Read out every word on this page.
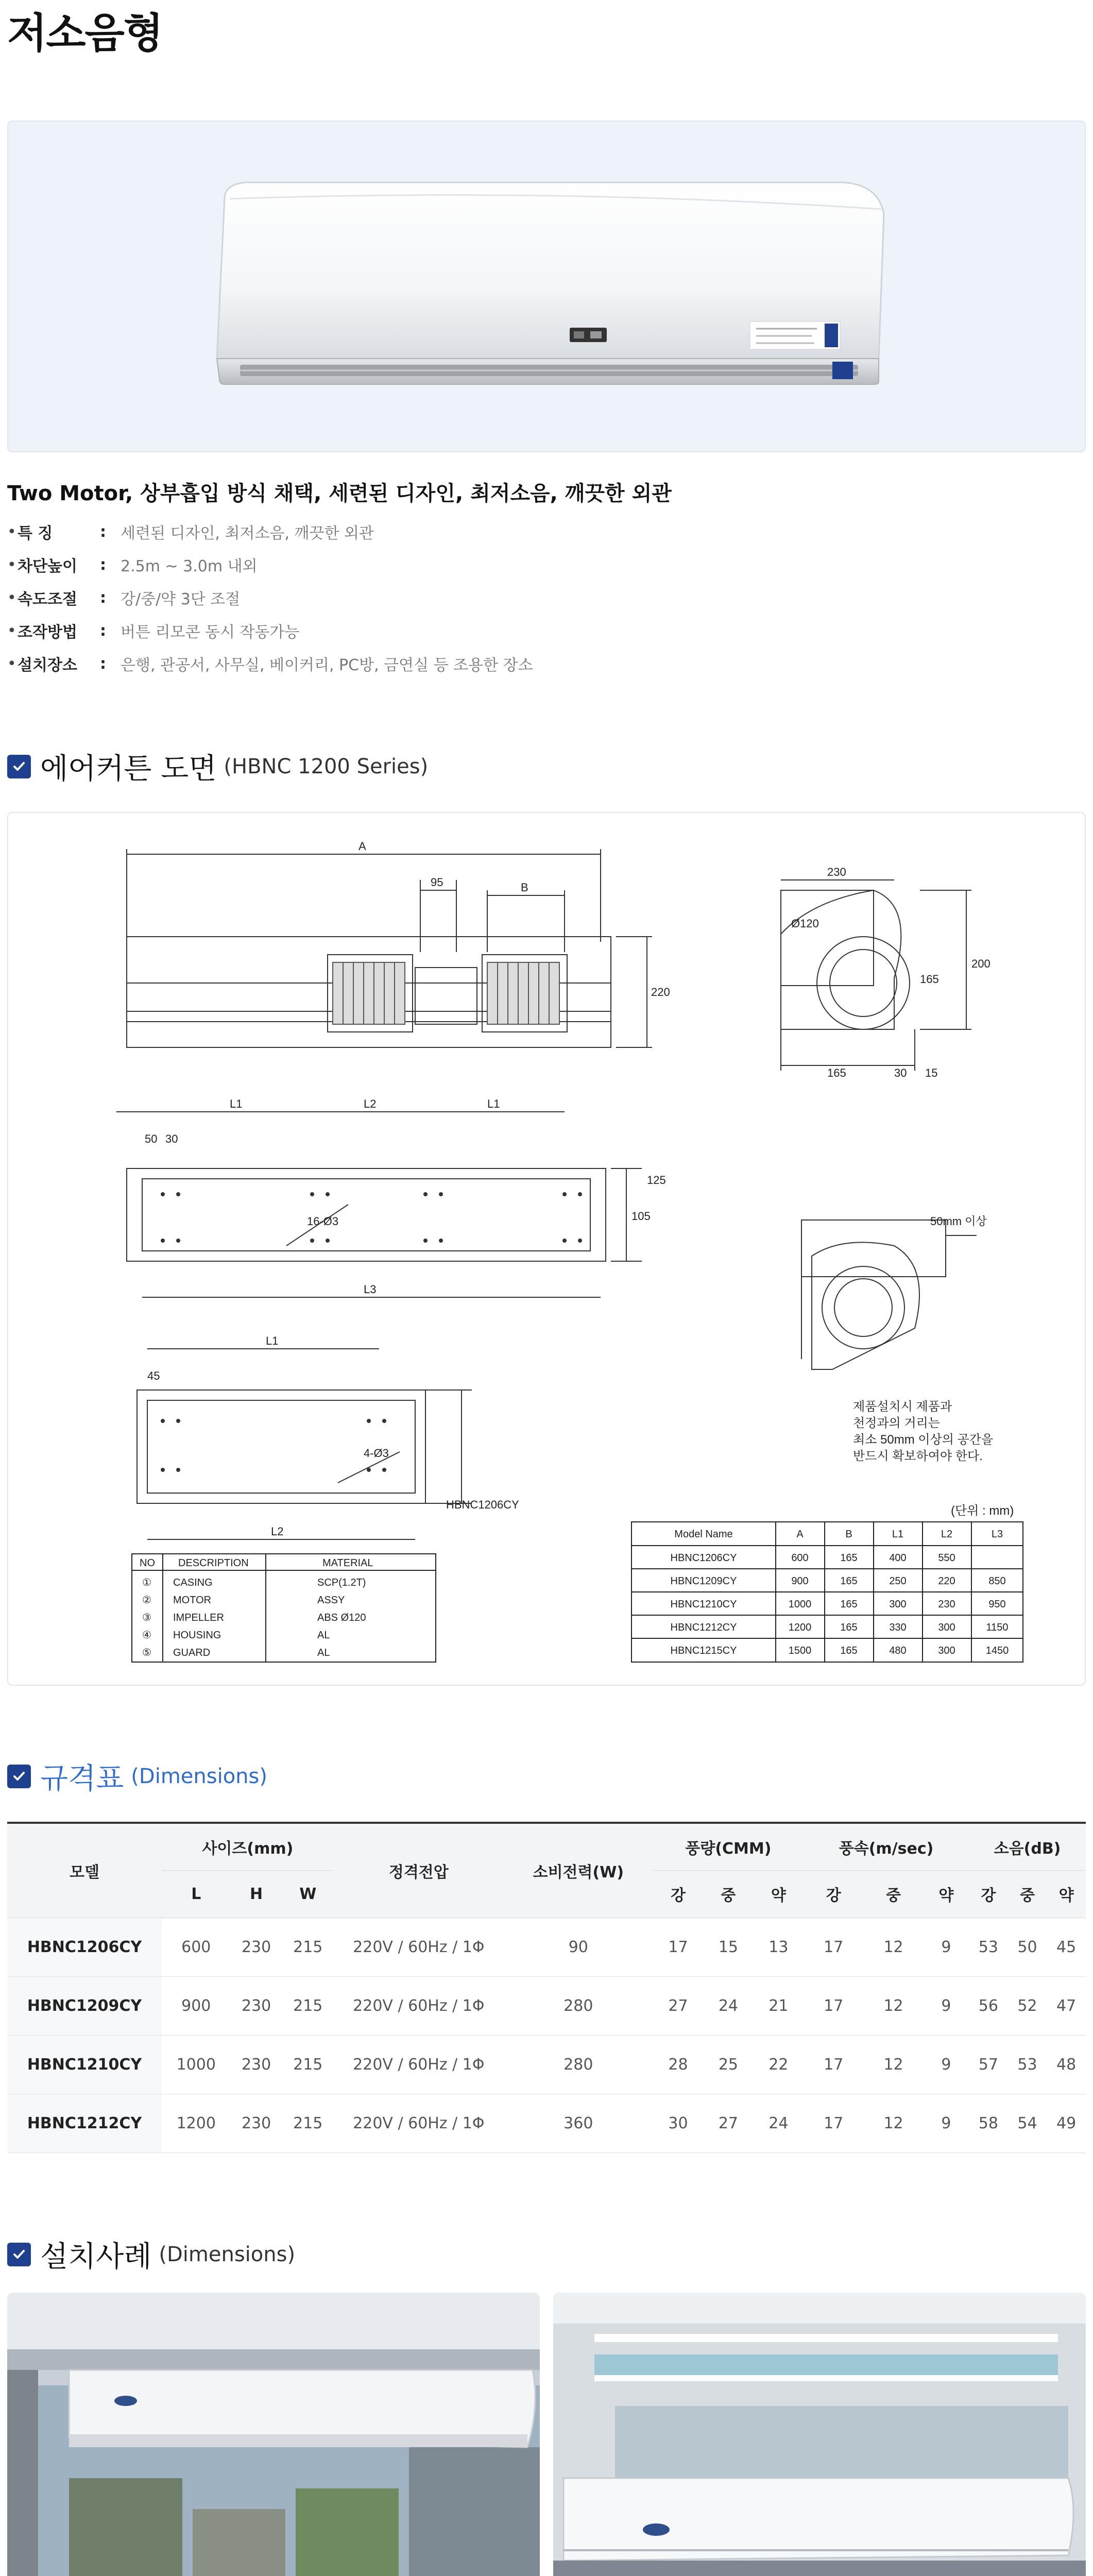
저소음형
Two Motor, 상부흡입 방식 채택, 세련된 디자인, 최저소음, 깨끗한 외관
• 특 징	: 세련된 디자인, 최저소음, 깨끗한 외관
• 차단높이	: 2.5m ~ 3.0m 내외
• 속도조절	: 강/중/약 3단 조절
• 조작방법	: 버튼 리모콘 동시 작동가능
• 설치장소	: 은행, 관공서, 사무실, 베이커리, PC방, 금연실 등 조용한 장소
에어커튼 도면 (HBNC 1200 Series)
A
95	B
220
230
Ø120
200
165
165	30 15
L1	L2	L1
50 30
125
105
16-Ø3
L3
50mm 이상
45
L1
L2
4-Ø3
HBNC1206CY
제품설치시 제품과
천정과의 거리는
최소 50mm 이상의 공간을
반드시 확보하여야 한다.
(단위 : mm)
NO DESCRIPTION	MATERIAL
① CASING	SCP(1.2T)
② MOTOR	ASSY
③ IMPELLER	ABS Ø120
④ HOUSING	AL
⑤ GUARD	AL
Model Name	A	B	L1	L2	L3
HBNC1206CY	600	165	400	550
HBNC1209CY	900	165	250	220	850
HBNC1210CY	1000	165	300	230	950
HBNC1212CY	1200	165	330	300	1150
HBNC1215CY	1500	165	480	300	1450
규격표 (Dimensions)
모델	사이즈(mm)			정격전압	소비전력(W)	풍량(CMM)			풍속(m/sec)			소음(dB)		
	L	H	W			강	중	약	강	중	약	강	중	약
HBNC1206CY	600	230	215	220V / 60Hz / 1Φ	90	17	15	13	17	12	9	53	50	45
HBNC1209CY	900	230	215	220V / 60Hz / 1Φ	280	27	24	21	17	12	9	56	52	47
HBNC1210CY	1000	230	215	220V / 60Hz / 1Φ	280	28	25	22	17	12	9	57	53	48
HBNC1212CY	1200	230	215	220V / 60Hz / 1Φ	360	30	27	24	17	12	9	58	54	49
설치사례 (Dimensions)
